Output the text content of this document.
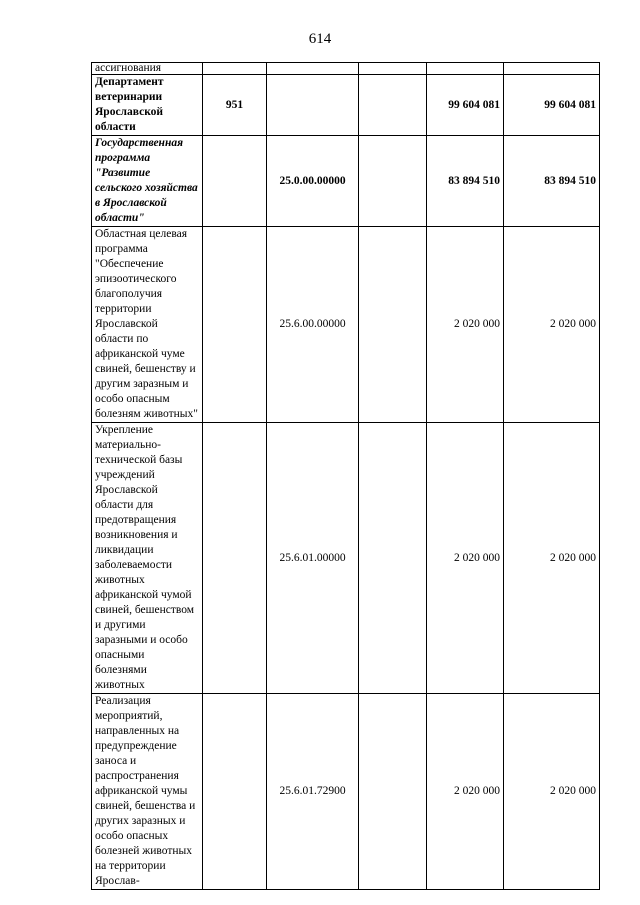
614
ассигнования					
Департамент ветеринарии Ярославской области	951			99 604 081	99 604 081
Государственная программа "Развитие сельского хозяйства в Ярославской области"		25.0.00.00000		83 894 510	83 894 510
Областная целевая программа "Обеспечение эпизоотического благополучия территории Ярославской области по африканской чуме свиней, бешенству и другим заразным и особо опасным болезням животных"		25.6.00.00000		2 020 000	2 020 000
Укрепление материально-технической базы учреждений Ярославской области для предотвращения возникновения и ликвидации заболеваемости животных африканской чумой свиней, бешенством и другими заразными и особо опасными болезнями животных		25.6.01.00000		2 020 000	2 020 000
Реализация мероприятий, направленных на предупреждение заноса и распространения африканской чумы свиней, бешенства и других заразных и особо опасных болезней животных на территории Ярослав-		25.6.01.72900		2 020 000	2 020 000
